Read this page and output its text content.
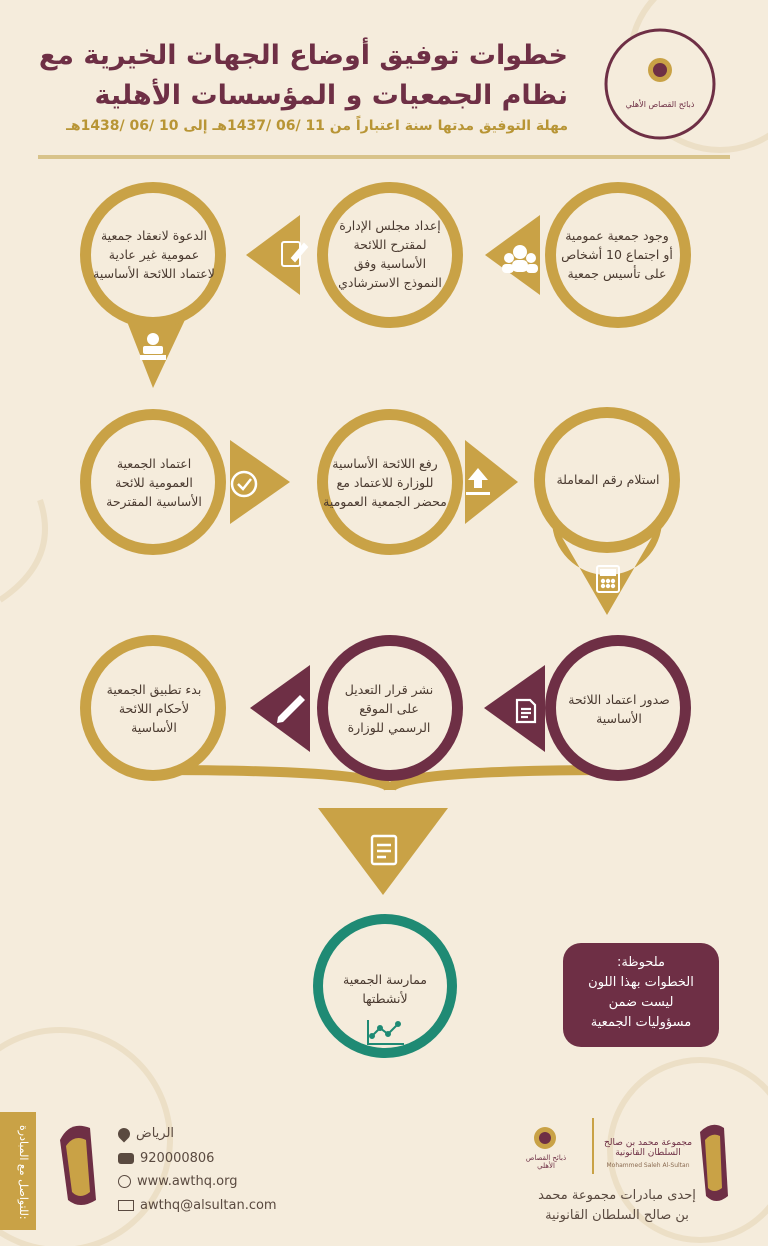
خطوات توفيق أوضاع الجهات الخيرية مع
نظام الجمعيات و المؤسسات الأهلية
مهلة التوفيق مدتها سنة اعتباراً من 11 /06 /1437هـ إلى 10 /06 /1438هـ
ذبائح القصاص الأهلي
وجود جمعية عمومية
أو اجتماع 10 أشخاص
على تأسيس جمعية
إعداد مجلس الإدارة
لمقترح اللائحة
الأساسية وفق
النموذج الاسترشادي
الدعوة لانعقاد جمعية
عمومية غير عادية
لاعتماد اللائحة الأساسية
استلام رقم المعاملة
رفع اللائحة الأساسية
للوزارة للاعتماد مع
محضر الجمعية العمومية
اعتماد الجمعية
العمومية للائحة
الأساسية المقترحة
صدور اعتماد اللائحة
الأساسية
نشر قرار التعديل
على الموقع
الرسمي للوزارة
بدء تطبيق الجمعية
لأحكام اللائحة
الأساسية
ممارسة الجمعية
لأنشطتها
ملحوظة:
الخطوات بهذا اللون
ليست ضمن
مسؤوليات الجمعية
للتواصل مع المبادرة:
الرياض
920000806
www.awthq.org
awthq@alsultan.com
ذبائح القصاص الأهلي
مجموعة محمد بن صالح السلطان القانونية
Mohammed Saleh Al-Sultan
إحدى مبادرات مجموعة محمد
بن صالح السلطان القانونية
